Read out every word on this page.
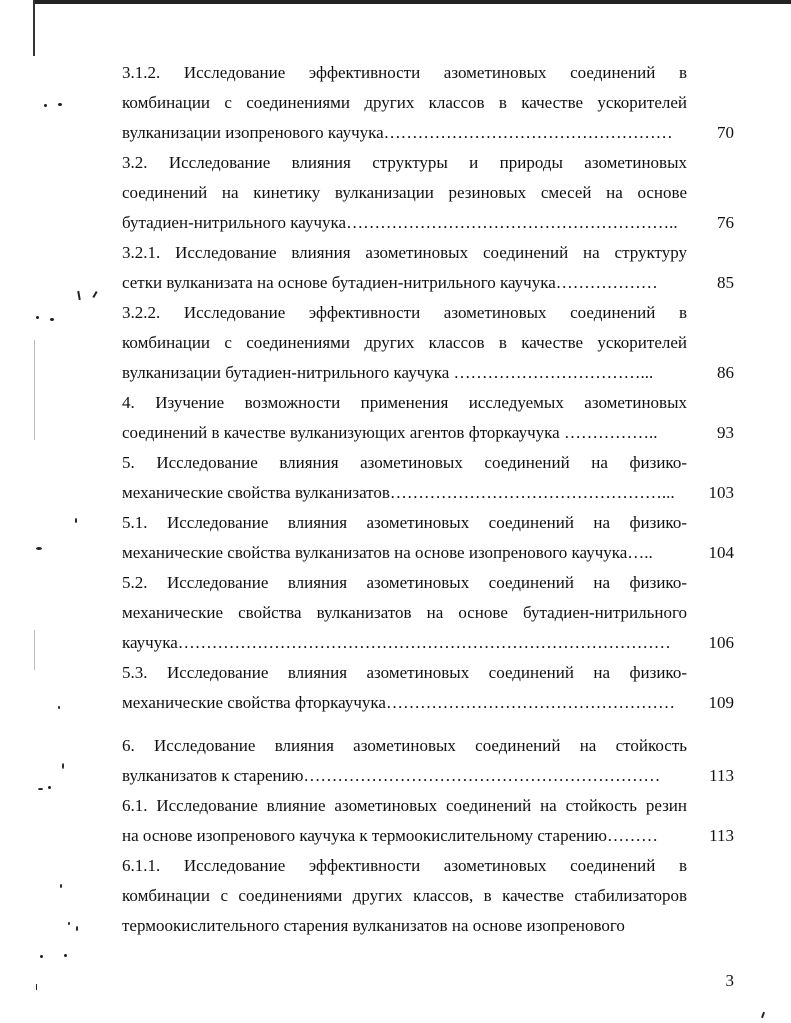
3.1.2. Исследование эффективности азометиновых соединений в
комбинации с соединениями других классов в качестве ускорителей
вулканизации изопренового каучука……………………………………………	70
3.2. Исследование влияния структуры и природы азометиновых
соединений на кинетику вулканизации резиновых смесей на основе
бутадиен-нитрильного каучука…………………………………………………..	76
3.2.1. Исследование влияния азометиновых соединений на структуру
сетки вулканизата на основе бутадиен-нитрильного каучука………………	85
3.2.2. Исследование эффективности азометиновых соединений в
комбинации с соединениями других классов в качестве ускорителей
вулканизации бутадиен-нитрильного каучука ……………………………...	86
4. Изучение возможности применения исследуемых азометиновых
соединений в качестве вулканизующих агентов фторкаучука ……………..	93
5. Исследование влияния азометиновых соединений на физико-
механические свойства вулканизатов…………………………………………...	103
5.1. Исследование влияния азометиновых соединений на физико-
механические свойства вулканизатов на основе изопренового каучука…..	104
5.2. Исследование влияния азометиновых соединений на физико-
механические свойства вулканизатов на основе бутадиен-нитрильного
каучука……………………………………………………………………………	106
5.3. Исследование влияния азометиновых соединений на физико-
механические свойства фторкаучука……………………………………………	109
6. Исследование влияния азометиновых соединений на стойкость
вулканизатов к старению………………………………………………………	113
6.1. Исследование влияние азометиновых соединений на стойкость резин
на основе изопренового каучука к термоокислительному старению………	113
6.1.1. Исследование эффективности азометиновых соединений в
комбинации с соединениями других классов, в качестве стабилизаторов
термоокислительного старения вулканизатов на основе изопренового
3
